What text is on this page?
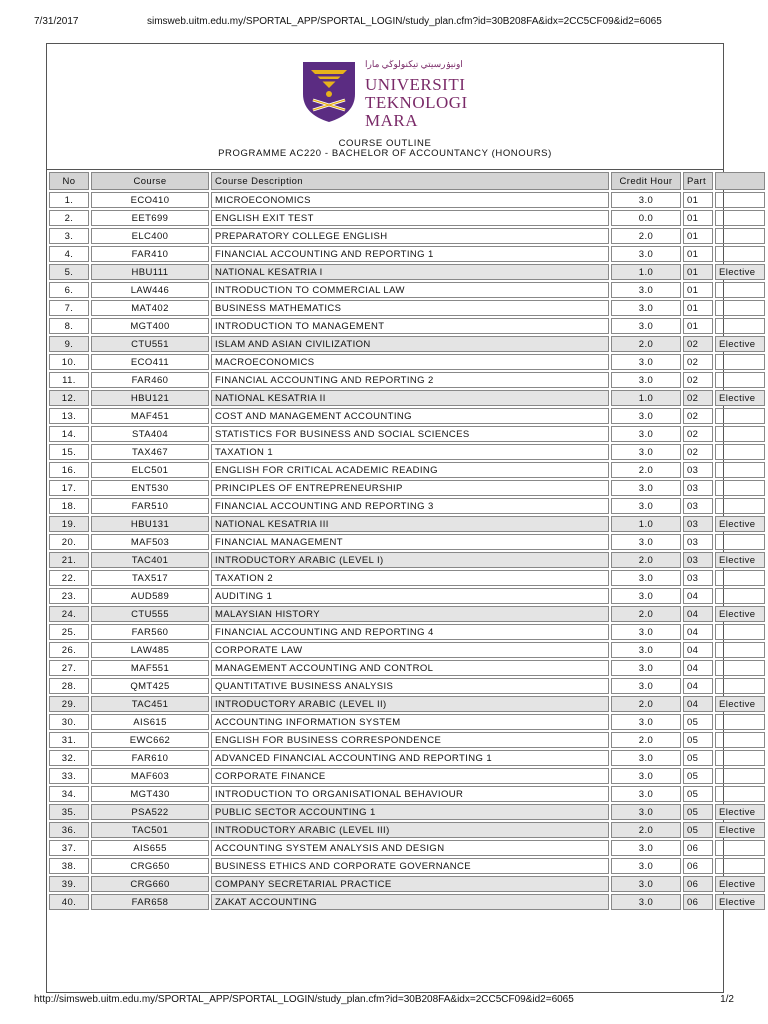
7/31/2017	simsweb.uitm.edu.my/SPORTAL_APP/SPORTAL_LOGIN/study_plan.cfm?id=30B208FA&idx=2CC5CF09&id2=6065
اونيۏرسيتي تيكنولوڬي مارا
UNIVERSITI
TEKNOLOGI
MARA
COURSE OUTLINE
PROGRAMME AC220 - BACHELOR OF ACCOUNTANCY (HONOURS)
No	Course	Course Description	Credit Hour	Part	
1.	ECO410	MICROECONOMICS	3.0	01	
2.	EET699	ENGLISH EXIT TEST	0.0	01	
3.	ELC400	PREPARATORY COLLEGE ENGLISH	2.0	01	
4.	FAR410	FINANCIAL ACCOUNTING AND REPORTING 1	3.0	01	
5.	HBU111	NATIONAL KESATRIA I	1.0	01	Elective
6.	LAW446	INTRODUCTION TO COMMERCIAL LAW	3.0	01	
7.	MAT402	BUSINESS MATHEMATICS	3.0	01	
8.	MGT400	INTRODUCTION TO MANAGEMENT	3.0	01	
9.	CTU551	ISLAM AND ASIAN CIVILIZATION	2.0	02	Elective
10.	ECO411	MACROECONOMICS	3.0	02	
11.	FAR460	FINANCIAL ACCOUNTING AND REPORTING 2	3.0	02	
12.	HBU121	NATIONAL KESATRIA II	1.0	02	Elective
13.	MAF451	COST AND MANAGEMENT ACCOUNTING	3.0	02	
14.	STA404	STATISTICS FOR BUSINESS AND SOCIAL SCIENCES	3.0	02	
15.	TAX467	TAXATION 1	3.0	02	
16.	ELC501	ENGLISH FOR CRITICAL ACADEMIC READING	2.0	03	
17.	ENT530	PRINCIPLES OF ENTREPRENEURSHIP	3.0	03	
18.	FAR510	FINANCIAL ACCOUNTING AND REPORTING 3	3.0	03	
19.	HBU131	NATIONAL KESATRIA III	1.0	03	Elective
20.	MAF503	FINANCIAL MANAGEMENT	3.0	03	
21.	TAC401	INTRODUCTORY ARABIC (LEVEL I)	2.0	03	Elective
22.	TAX517	TAXATION 2	3.0	03	
23.	AUD589	AUDITING 1	3.0	04	
24.	CTU555	MALAYSIAN HISTORY	2.0	04	Elective
25.	FAR560	FINANCIAL ACCOUNTING AND REPORTING 4	3.0	04	
26.	LAW485	CORPORATE LAW	3.0	04	
27.	MAF551	MANAGEMENT ACCOUNTING AND CONTROL	3.0	04	
28.	QMT425	QUANTITATIVE BUSINESS ANALYSIS	3.0	04	
29.	TAC451	INTRODUCTORY ARABIC (LEVEL II)	2.0	04	Elective
30.	AIS615	ACCOUNTING INFORMATION SYSTEM	3.0	05	
31.	EWC662	ENGLISH FOR BUSINESS CORRESPONDENCE	2.0	05	
32.	FAR610	ADVANCED FINANCIAL ACCOUNTING AND REPORTING 1	3.0	05	
33.	MAF603	CORPORATE FINANCE	3.0	05	
34.	MGT430	INTRODUCTION TO ORGANISATIONAL BEHAVIOUR	3.0	05	
35.	PSA522	PUBLIC SECTOR ACCOUNTING 1	3.0	05	Elective
36.	TAC501	INTRODUCTORY ARABIC (LEVEL III)	2.0	05	Elective
37.	AIS655	ACCOUNTING SYSTEM ANALYSIS AND DESIGN	3.0	06	
38.	CRG650	BUSINESS ETHICS AND CORPORATE GOVERNANCE	3.0	06	
39.	CRG660	COMPANY SECRETARIAL PRACTICE	3.0	06	Elective
40.	FAR658	ZAKAT ACCOUNTING	3.0	06	Elective
http://simsweb.uitm.edu.my/SPORTAL_APP/SPORTAL_LOGIN/study_plan.cfm?id=30B208FA&idx=2CC5CF09&id2=6065	1/2
